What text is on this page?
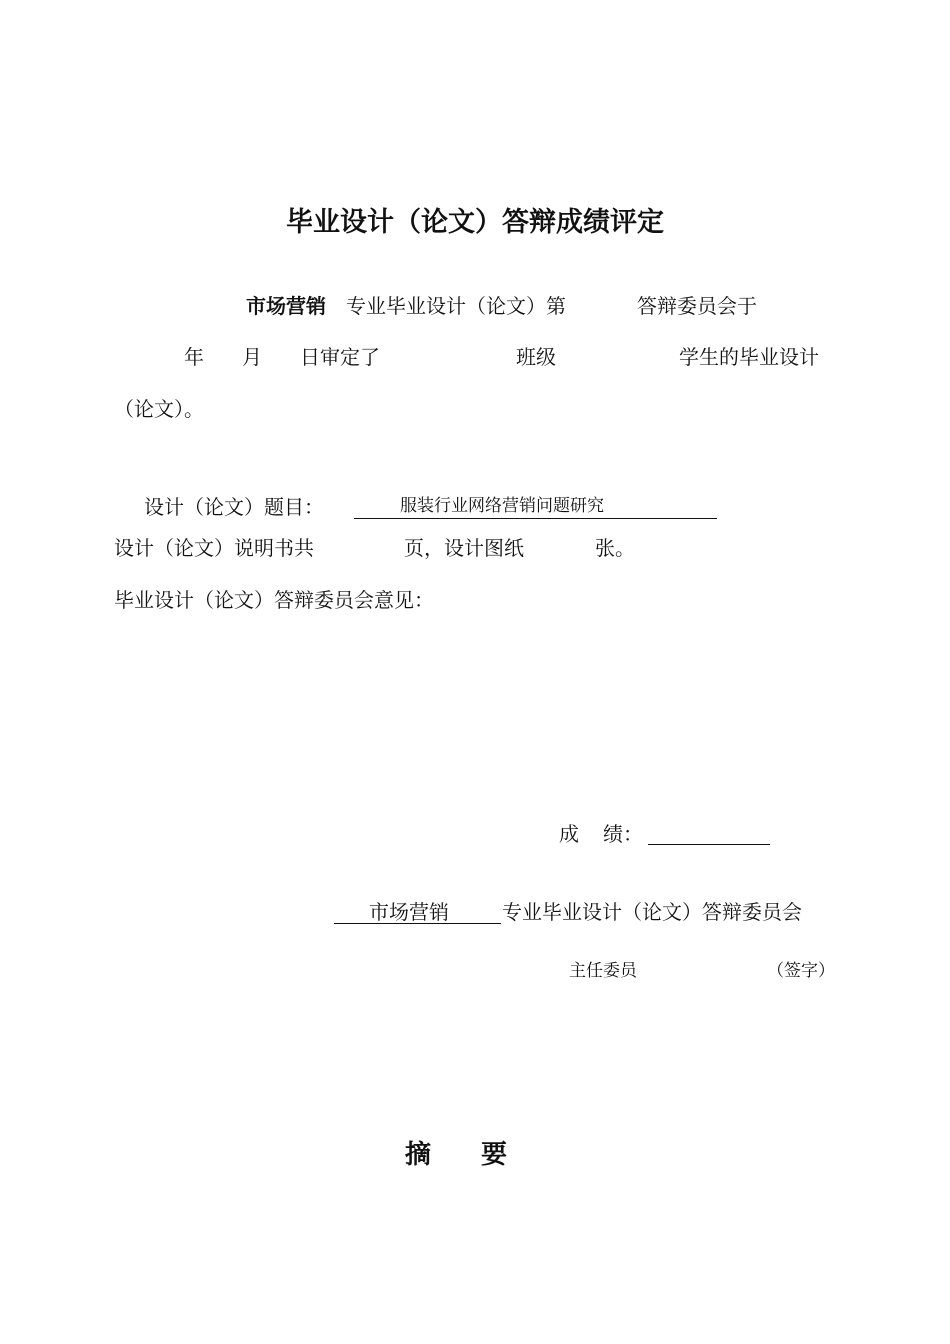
毕业设计（论文）答辩成绩评定
市场营销 专业毕业设计（论文）第	答辩委员会于
年 月 日审定了	班级	学生的毕业设计
（论文）。
设计（论文）题目：	服装行业网络营销问题研究
设计（论文）说明书共	页，设计图纸	张。
毕业设计（论文）答辩委员会意见：
成 绩：
市场营销	专业毕业设计（论文）答辩委员会
主任委员	（签字）
摘 要
